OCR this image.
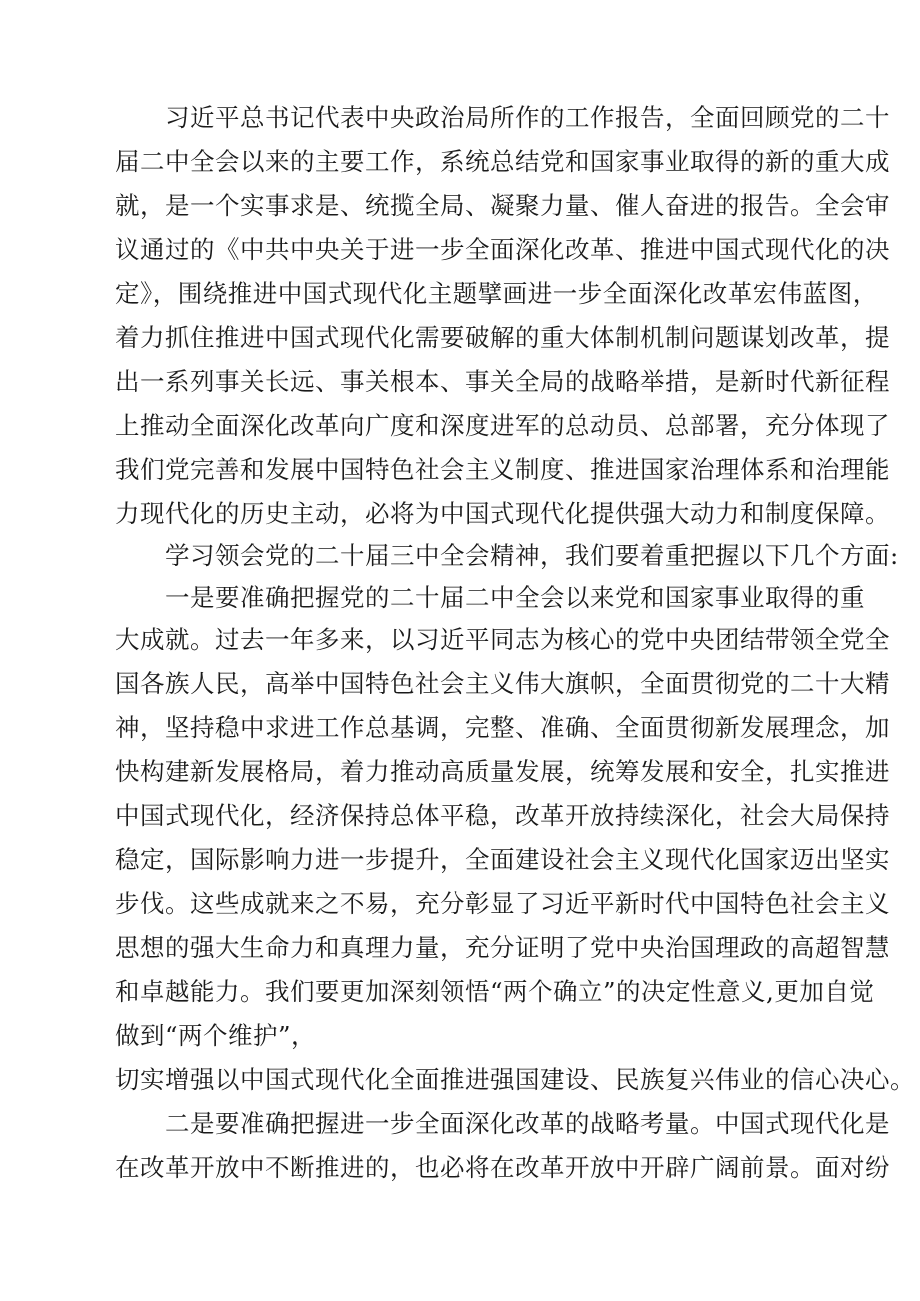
习近平总书记代表中央政治局所作的工作报告，全面回顾党的二十
届二中全会以来的主要工作，系统总结党和国家事业取得的新的重大成
就，是一个实事求是、统揽全局、凝聚力量、催人奋进的报告。全会审
议通过的《中共中央关于进一步全面深化改革、推进中国式现代化的决
定》，围绕推进中国式现代化主题擘画进一步全面深化改革宏伟蓝图，
着力抓住推进中国式现代化需要破解的重大体制机制问题谋划改革，提
出一系列事关长远、事关根本、事关全局的战略举措，是新时代新征程
上推动全面深化改革向广度和深度进军的总动员、总部署，充分体现了
我们党完善和发展中国特色社会主义制度、推进国家治理体系和治理能
力现代化的历史主动，必将为中国式现代化提供强大动力和制度保障。
学习领会党的二十届三中全会精神，我们要着重把握以下几个方面:
一是要准确把握党的二十届二中全会以来党和国家事业取得的重
大成就。过去一年多来，以习近平同志为核心的党中央团结带领全党全
国各族人民，高举中国特色社会主义伟大旗帜，全面贯彻党的二十大精
神，坚持稳中求进工作总基调，完整、准确、全面贯彻新发展理念，加
快构建新发展格局，着力推动高质量发展，统筹发展和安全，扎实推进
中国式现代化，经济保持总体平稳，改革开放持续深化，社会大局保持
稳定，国际影响力进一步提升，全面建设社会主义现代化国家迈出坚实
步伐。这些成就来之不易，充分彰显了习近平新时代中国特色社会主义
思想的强大生命力和真理力量，充分证明了党中央治国理政的高超智慧
和卓越能力。我们要更加深刻领悟“两个确立”的决定性意义,更加自觉
做到“两个维护”，
切实增强以中国式现代化全面推进强国建设、民族复兴伟业的信心决心。
二是要准确把握进一步全面深化改革的战略考量。中国式现代化是
在改革开放中不断推进的，也必将在改革开放中开辟广阔前景。面对纷
